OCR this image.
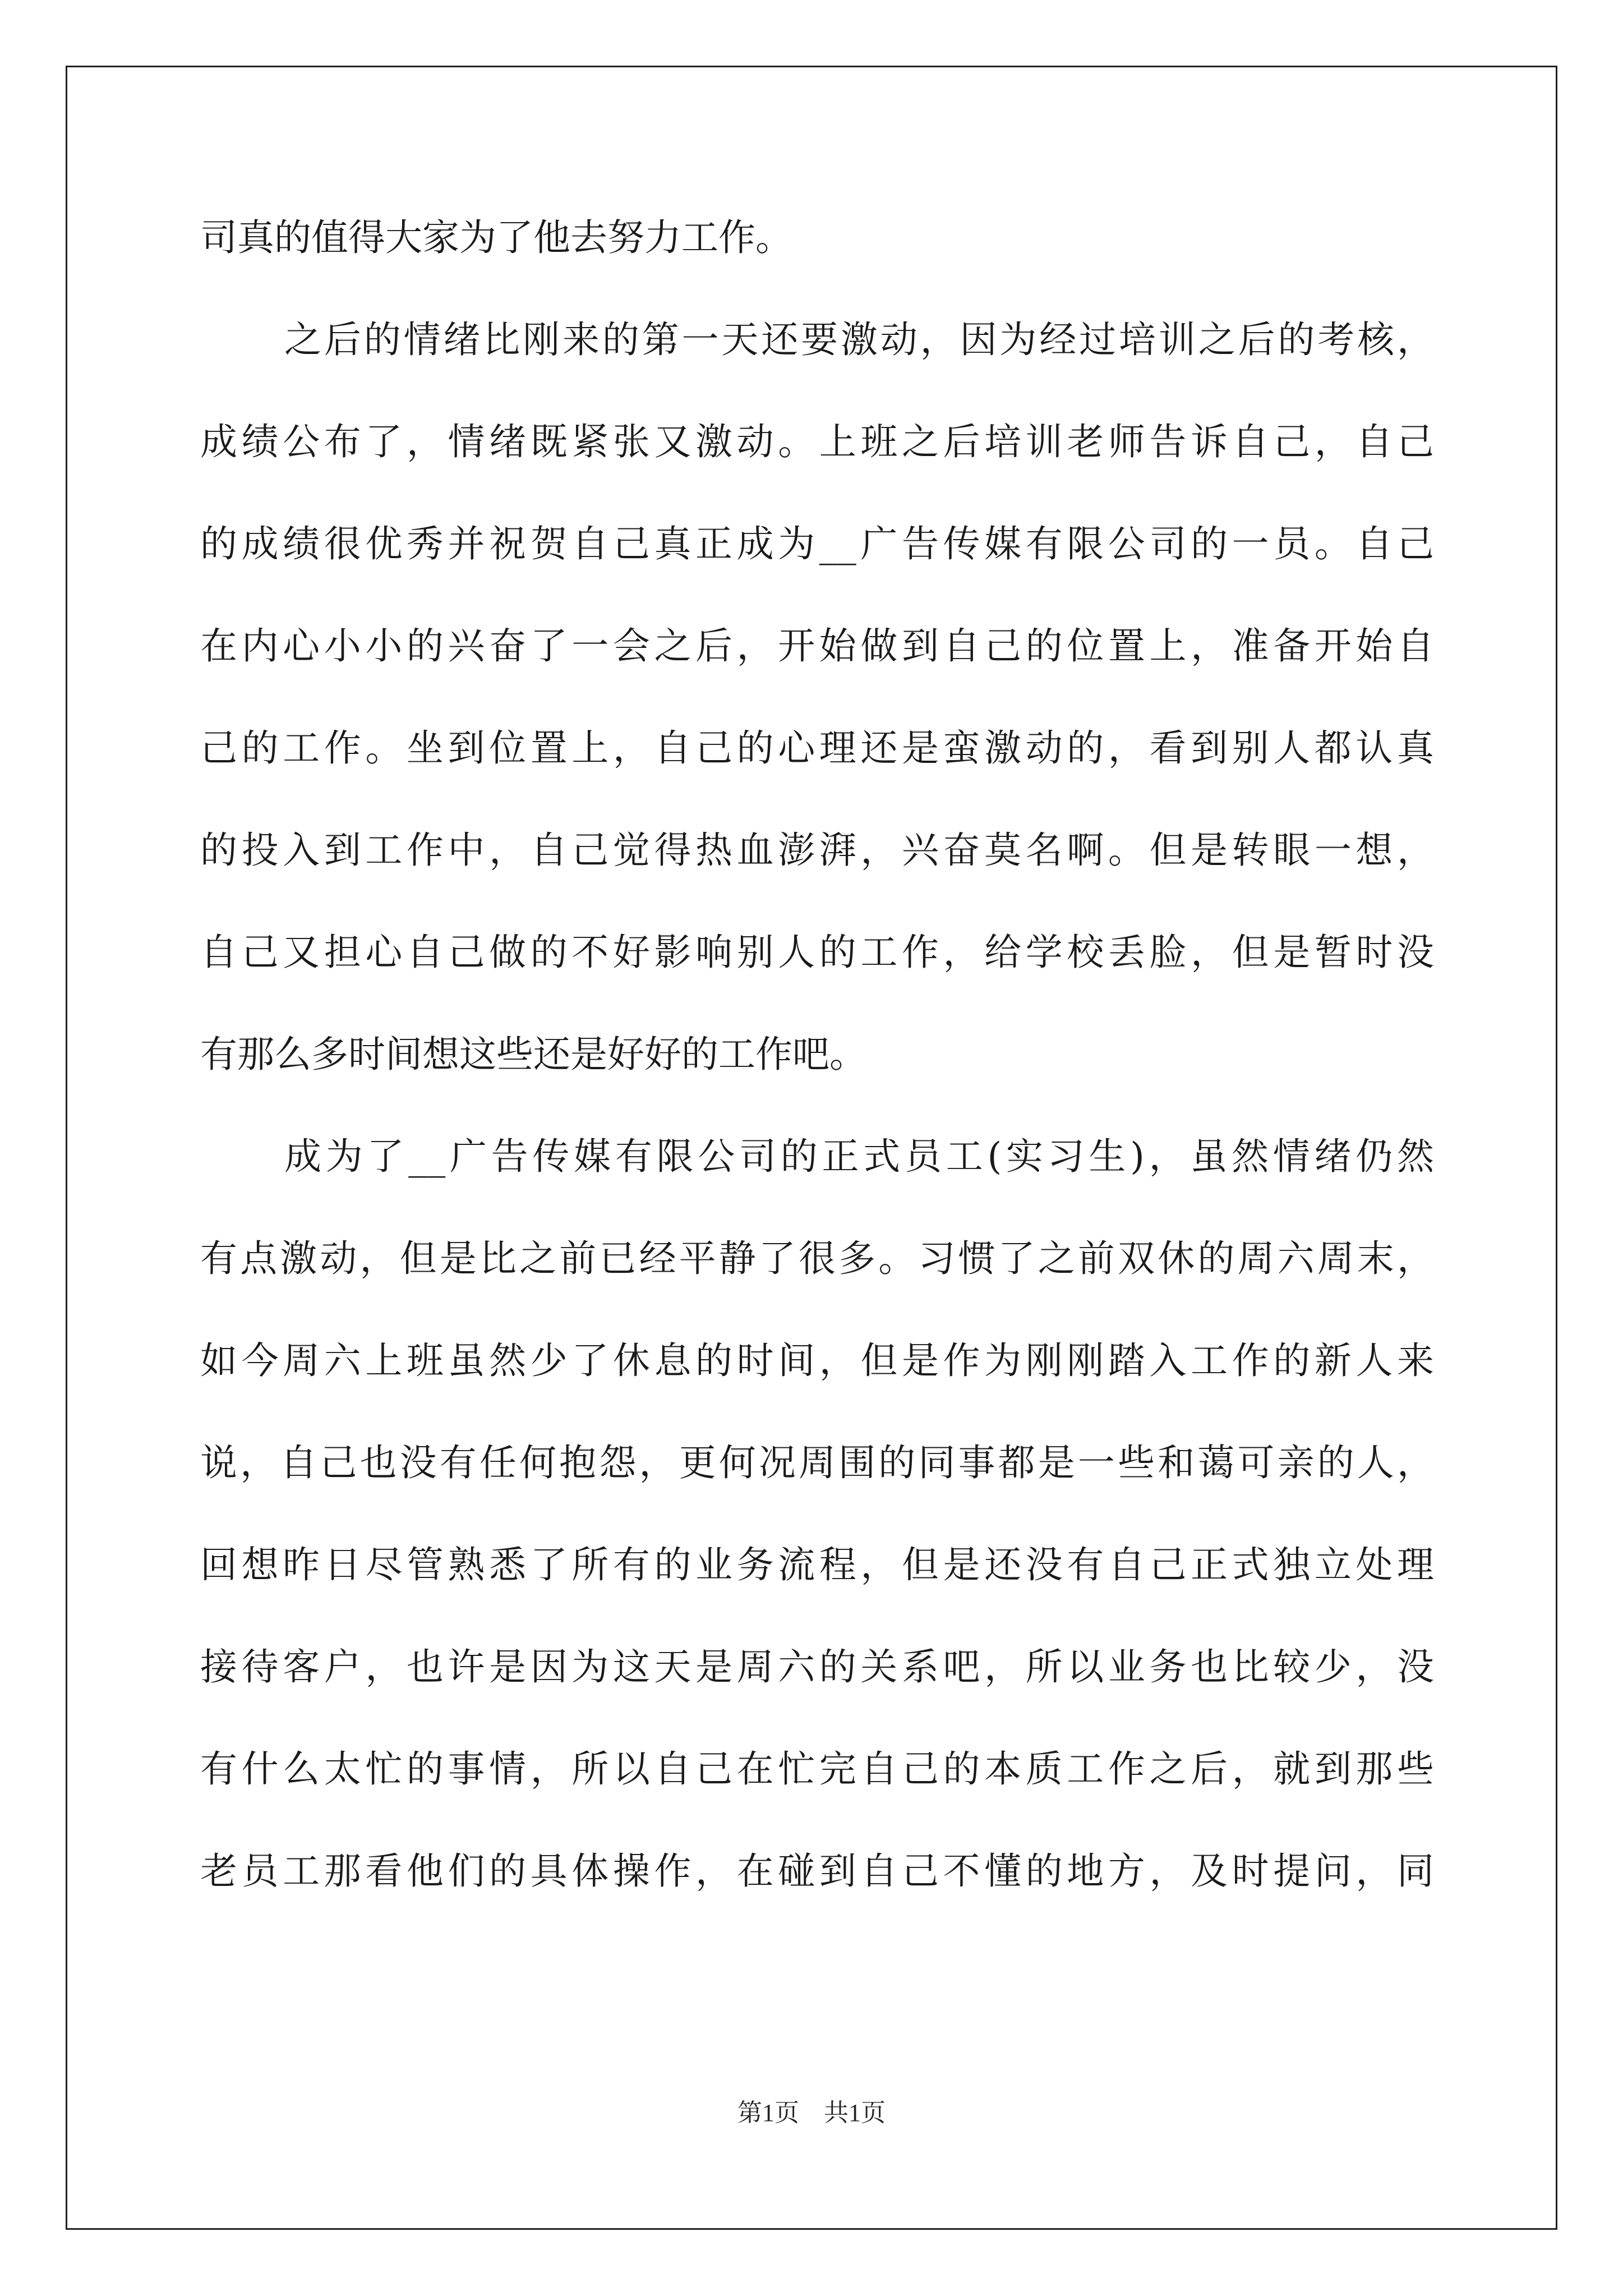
司真的值得大家为了他去努力工作。
之后的情绪比刚来的第一天还要激动，因为经过培训之后的考核，
成绩公布了，情绪既紧张又激动。上班之后培训老师告诉自己，自己
的成绩很优秀并祝贺自己真正成为__广告传媒有限公司的一员。自己
在内心小小的兴奋了一会之后，开始做到自己的位置上，准备开始自
己的工作。坐到位置上，自己的心理还是蛮激动的，看到别人都认真
的投入到工作中，自己觉得热血澎湃，兴奋莫名啊。但是转眼一想，
自己又担心自己做的不好影响别人的工作，给学校丢脸，但是暂时没
有那么多时间想这些还是好好的工作吧。
成为了__广告传媒有限公司的正式员工(实习生)，虽然情绪仍然
有点激动，但是比之前已经平静了很多。习惯了之前双休的周六周末，
如今周六上班虽然少了休息的时间，但是作为刚刚踏入工作的新人来
说，自己也没有任何抱怨，更何况周围的同事都是一些和蔼可亲的人，
回想昨日尽管熟悉了所有的业务流程，但是还没有自己正式独立处理
接待客户，也许是因为这天是周六的关系吧，所以业务也比较少，没
有什么太忙的事情，所以自己在忙完自己的本质工作之后，就到那些
老员工那看他们的具体操作，在碰到自己不懂的地方，及时提问，同
第1页　共1页
